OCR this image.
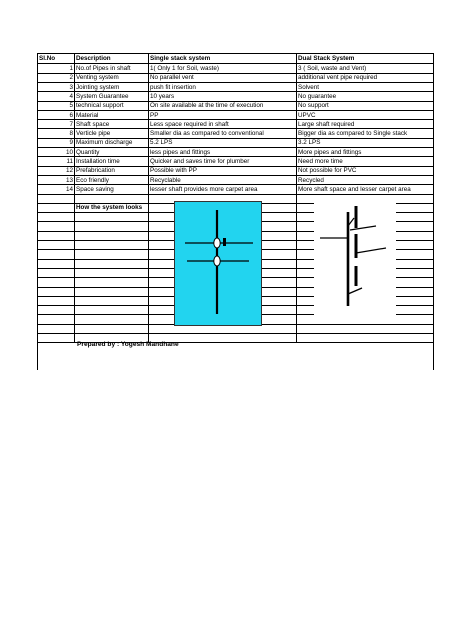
Sl.No	Description	Single stack system	Dual Stack System
1	No.of Pipes in shaft	1( Only 1 for Soil, waste)	3 ( Soil, waste and Vent)
2	Venting system	No parallel vent	additional vent pipe required
3	Jointing system	push fit insertion	Solvent
4	System Guarantee	10 years	No guarantee
5	technical support	On site available at the time of execution	No support
6	Material	PP	UPVC
7	Shaft space	Less space required in shaft	Large shaft required
8	Verticle pipe	Smaller dia as compared to conventional	Bigger dia as compared to Single stack
9	Maximum discharge	5.2 LPS	3.2 LPS
10	Quantity	less pipes and fittings	More pipes and fittings
11	Installation time	Quicker and saves time for plumber	Need more time
12	Prefabrication	Possible with PP	Not possible for PVC
13	Eco friendly	Recyclable	Recycled
14	Space saving	lesser shaft provides more carpet area	More shaft space and lesser carpet area

	How the system looks		

Prepared by : Yogesh Mandhane
